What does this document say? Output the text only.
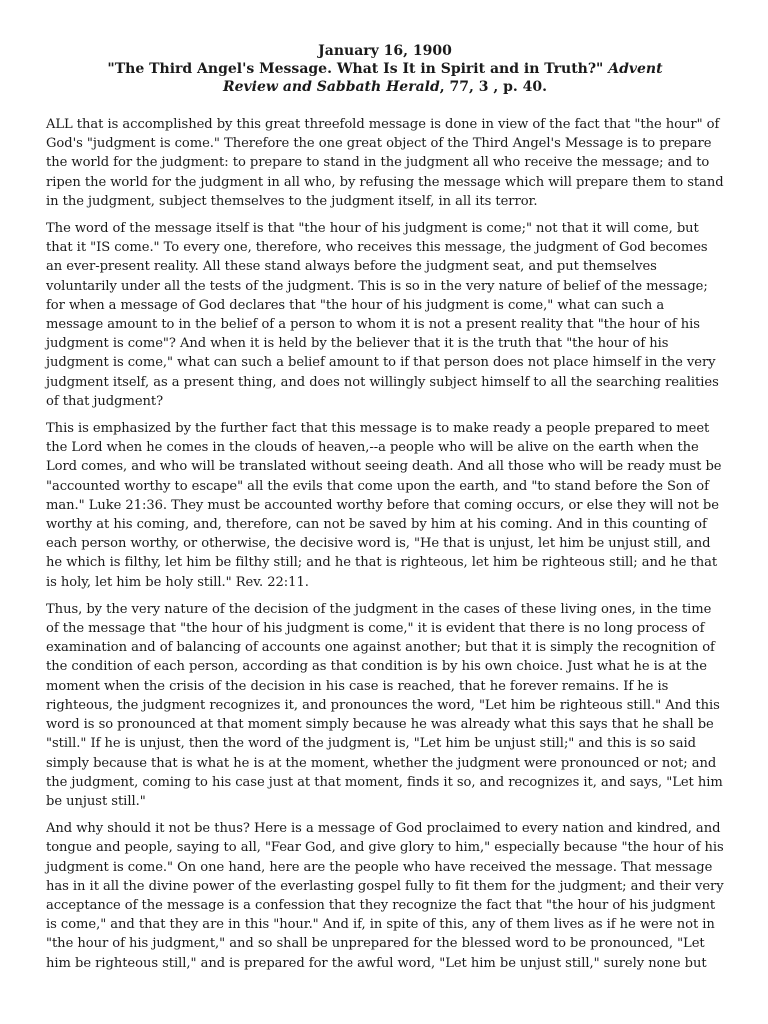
January 16, 1900
"The Third Angel's Message. What Is It in Spirit and in Truth?" Advent
Review and Sabbath Herald, 77, 3 , p. 40.

ALL that is accomplished by this great threefold message is done in view of the fact that "the hour" of God's "judgment is come." Therefore the one great object of the Third Angel's Message is to prepare the world for the judgment: to prepare to stand in the judgment all who receive the message; and to ripen the world for the judgment in all who, by refusing the message which will prepare them to stand in the judgment, subject themselves to the judgment itself, in all its terror.

The word of the message itself is that "the hour of his judgment is come;" not that it will come, but that it "IS come." To every one, therefore, who receives this message, the judgment of God becomes an ever-present reality. All these stand always before the judgment seat, and put themselves voluntarily under all the tests of the judgment. This is so in the very nature of belief of the message; for when a message of God declares that "the hour of his judgment is come," what can such a message amount to in the belief of a person to whom it is not a present reality that "the hour of his judgment is come"? And when it is held by the believer that it is the truth that "the hour of his judgment is come," what can such a belief amount to if that person does not place himself in the very judgment itself, as a present thing, and does not willingly subject himself to all the searching realities of that judgment?

This is emphasized by the further fact that this message is to make ready a people prepared to meet the Lord when he comes in the clouds of heaven,--a people who will be alive on the earth when the Lord comes, and who will be translated without seeing death. And all those who will be ready must be "accounted worthy to escape" all the evils that come upon the earth, and "to stand before the Son of man." Luke 21:36. They must be accounted worthy before that coming occurs, or else they will not be worthy at his coming, and, therefore, can not be saved by him at his coming. And in this counting of each person worthy, or otherwise, the decisive word is, "He that is unjust, let him be unjust still, and he which is filthy, let him be filthy still; and he that is righteous, let him be righteous still; and he that is holy, let him be holy still." Rev. 22:11.

Thus, by the very nature of the decision of the judgment in the cases of these living ones, in the time of the message that "the hour of his judgment is come," it is evident that there is no long process of examination and of balancing of accounts one against another; but that it is simply the recognition of the condition of each person, according as that condition is by his own choice. Just what he is at the moment when the crisis of the decision in his case is reached, that he forever remains. If he is righteous, the judgment recognizes it, and pronounces the word, "Let him be righteous still." And this word is so pronounced at that moment simply because he was already what this says that he shall be "still." If he is unjust, then the word of the judgment is, "Let him be unjust still;" and this is so said simply because that is what he is at the moment, whether the judgment were pronounced or not; and the judgment, coming to his case just at that moment, finds it so, and recognizes it, and says, "Let him be unjust still."

And why should it not be thus? Here is a message of God proclaimed to every nation and kindred, and tongue and people, saying to all, "Fear God, and give glory to him," especially because "the hour of his judgment is come." On one hand, here are the people who have received the message. That message has in it all the divine power of the everlasting gospel fully to fit them for the judgment; and their very acceptance of the message is a confession that they recognize the fact that "the hour of his judgment is come," and that they are in this "hour." And if, in spite of this, any of them lives as if he were not in "the hour of his judgment," and so shall be unprepared for the blessed word to be pronounced, "Let him be righteous still," and is prepared for the awful word, "Let him be unjust still," surely none but
